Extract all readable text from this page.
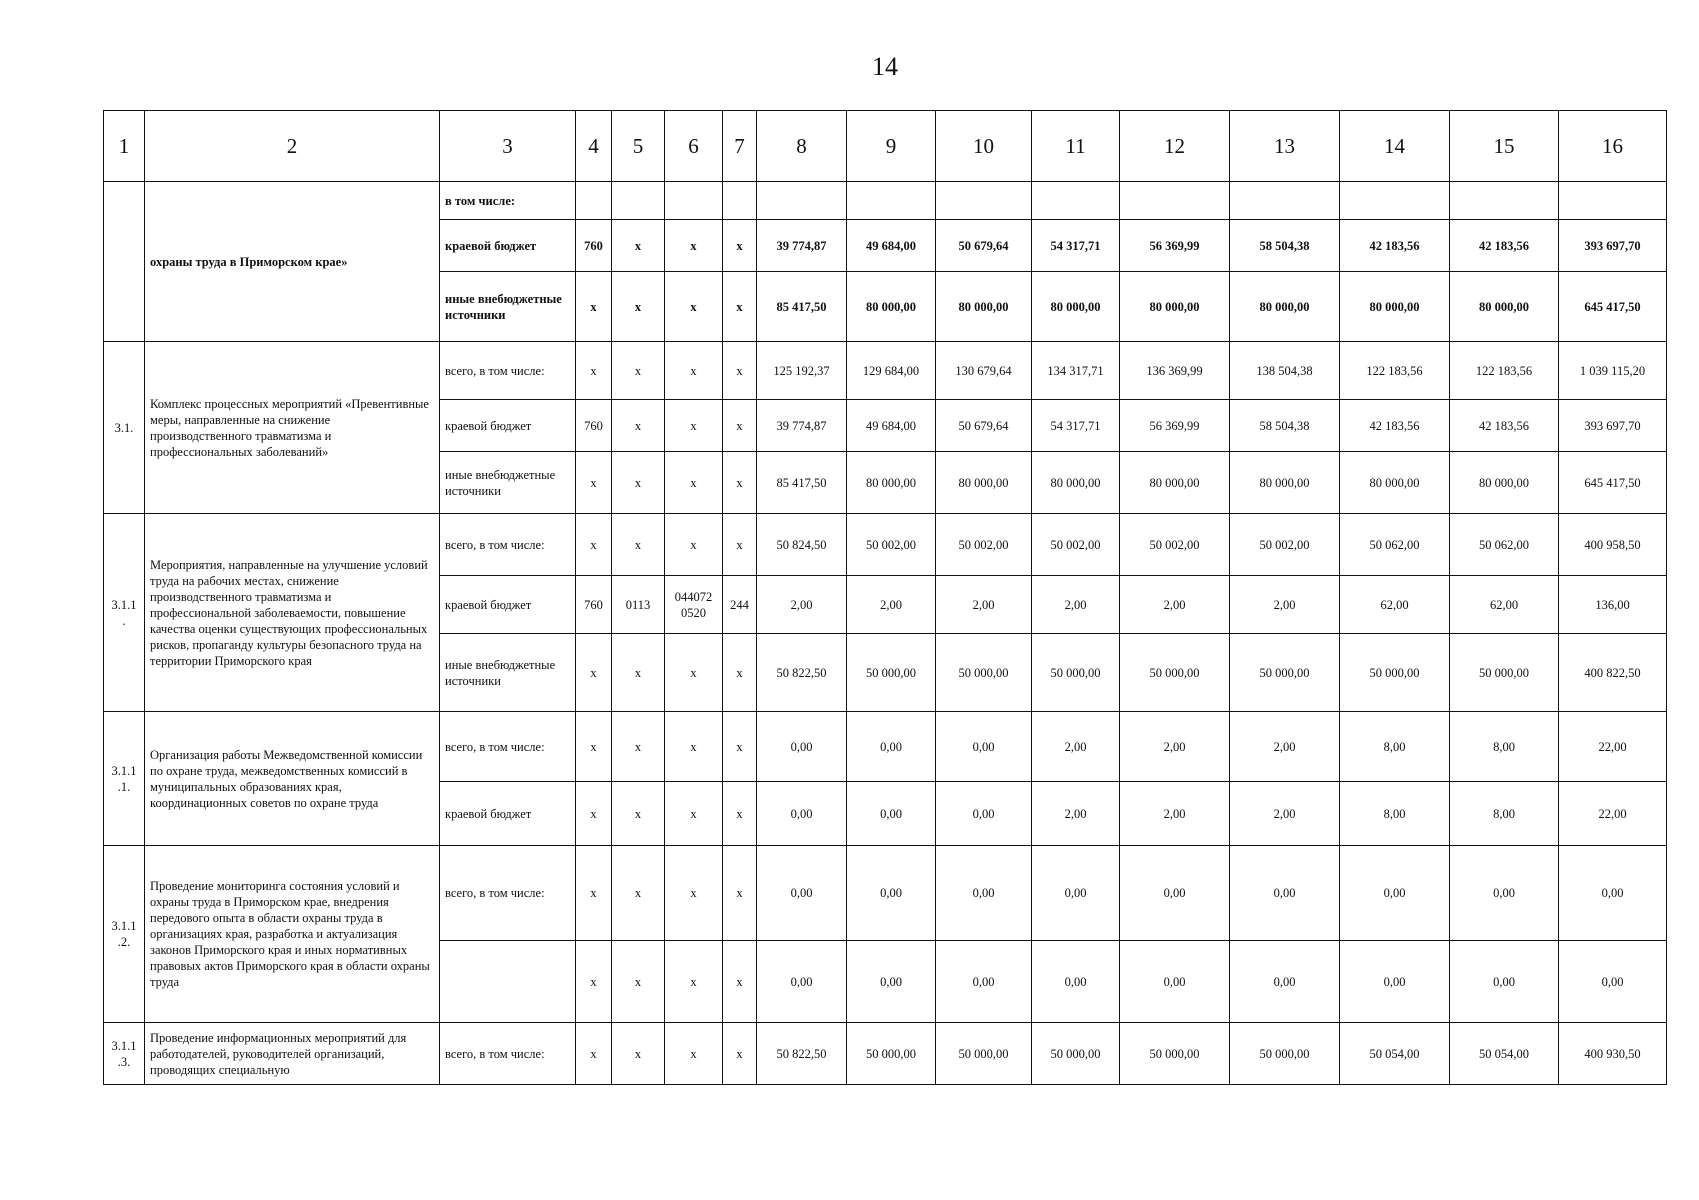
14
1	2	3	4	5	6	7	8	9	10	11	12	13	14	15	16
	охраны труда в Приморском крае»	в том числе:													
		краевой бюджет	760	х	х	х	39 774,87	49 684,00	50 679,64	54 317,71	56 369,99	58 504,38	42 183,56	42 183,56	393 697,70
		иные внебюджетные источники	х	х	х	х	85 417,50	80 000,00	80 000,00	80 000,00	80 000,00	80 000,00	80 000,00	80 000,00	645 417,50
3.1.	Комплекс процессных мероприятий «Превентивные меры, направленные на снижение производственного травматизма и профессиональных заболеваний»	всего, в том числе:	х	х	х	х	125 192,37	129 684,00	130 679,64	134 317,71	136 369,99	138 504,38	122 183,56	122 183,56	1 039 115,20
		краевой бюджет	760	х	х	х	39 774,87	49 684,00	50 679,64	54 317,71	56 369,99	58 504,38	42 183,56	42 183,56	393 697,70
		иные внебюджетные источники	х	х	х	х	85 417,50	80 000,00	80 000,00	80 000,00	80 000,00	80 000,00	80 000,00	80 000,00	645 417,50
3.1.1 .	Мероприятия, направленные на улучшение условий труда на рабочих местах, снижение производственного травматизма и профессиональной заболеваемости, повышение качества оценки существующих профессиональных рисков, пропаганду культуры безопасного труда на территории Приморского края	всего, в том числе:	х	х	х	х	50 824,50	50 002,00	50 002,00	50 002,00	50 002,00	50 002,00	50 062,00	50 062,00	400 958,50
		краевой бюджет	760	0113	044072 0520	244	2,00	2,00	2,00	2,00	2,00	2,00	62,00	62,00	136,00
		иные внебюджетные источники	х	х	х	х	50 822,50	50 000,00	50 000,00	50 000,00	50 000,00	50 000,00	50 000,00	50 000,00	400 822,50
3.1.1 .1.	Организация работы Межведомственной комиссии по охране труда, межведомственных комиссий в муниципальных образованиях края, координационных советов по охране труда	всего, в том числе:	х	х	х	х	0,00	0,00	0,00	2,00	2,00	2,00	8,00	8,00	22,00
		краевой бюджет	х	х	х	х	0,00	0,00	0,00	2,00	2,00	2,00	8,00	8,00	22,00
3.1.1 .2.	Проведение мониторинга состояния условий и охраны труда в Приморском крае, внедрения передового опыта в области охраны труда в организациях края, разработка и актуализация законов Приморского края и иных нормативных правовых актов Приморского края в области охраны труда	всего, в том числе:	х	х	х	х	0,00	0,00	0,00	0,00	0,00	0,00	0,00	0,00	0,00
			х	х	х	х	0,00	0,00	0,00	0,00	0,00	0,00	0,00	0,00	0,00
3.1.1 .3.	Проведение информационных мероприятий для работодателей, руководителей организаций, проводящих специальную	всего, в том числе:	х	х	х	х	50 822,50	50 000,00	50 000,00	50 000,00	50 000,00	50 000,00	50 054,00	50 054,00	400 930,50
